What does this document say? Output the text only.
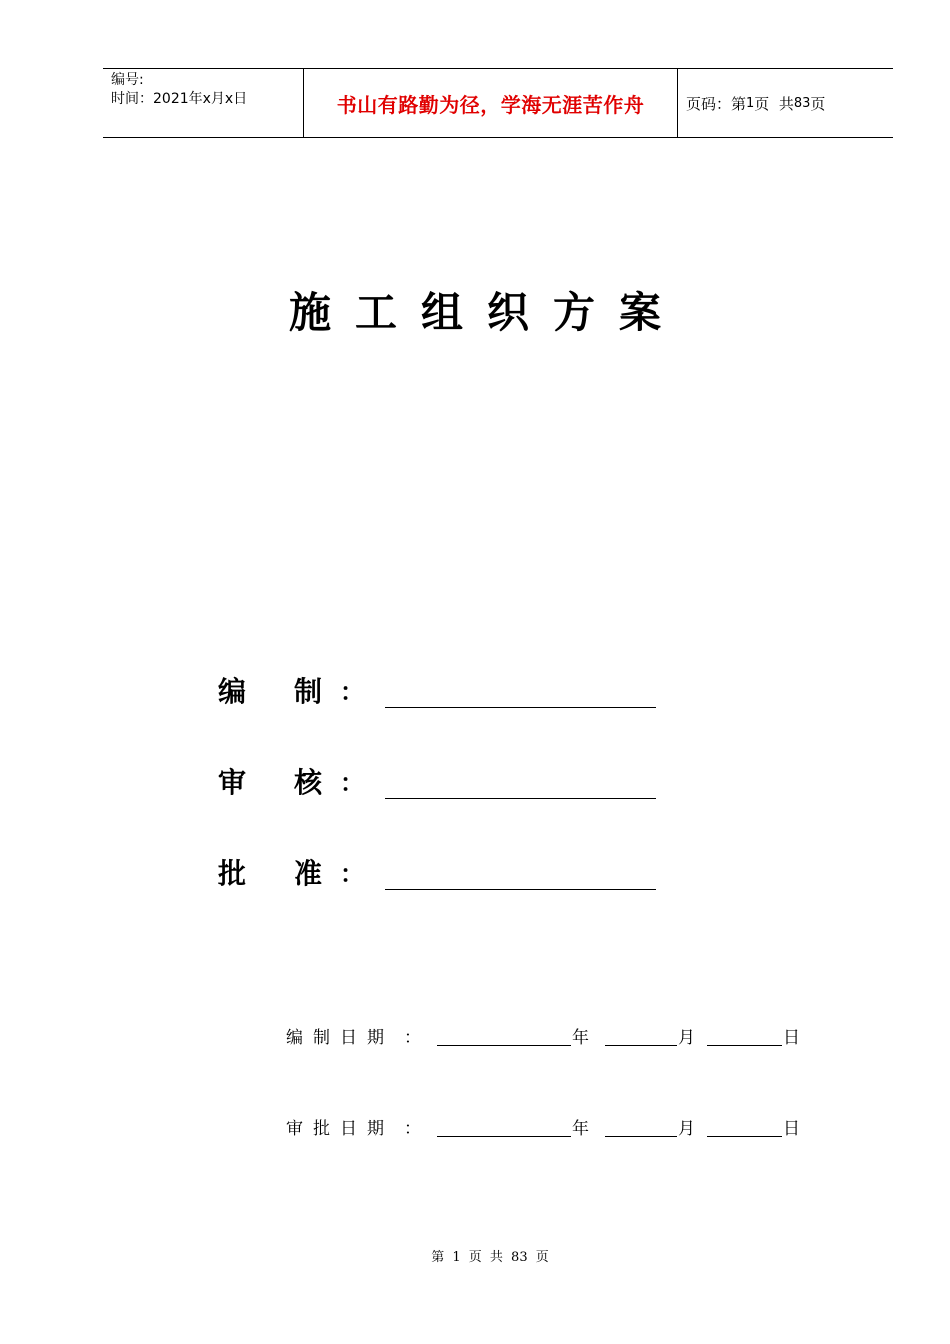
编号:
时间：2021年x月x日	书山有路勤为径，学海无涯苦作舟	页码：第 1 页  共 83 页
施工组织方案
编 制 ：
审 核 ：
批 准 ：
编制日期 ：	年	月	日
审批日期 ：	年	月	日
第 1 页 共 83 页
